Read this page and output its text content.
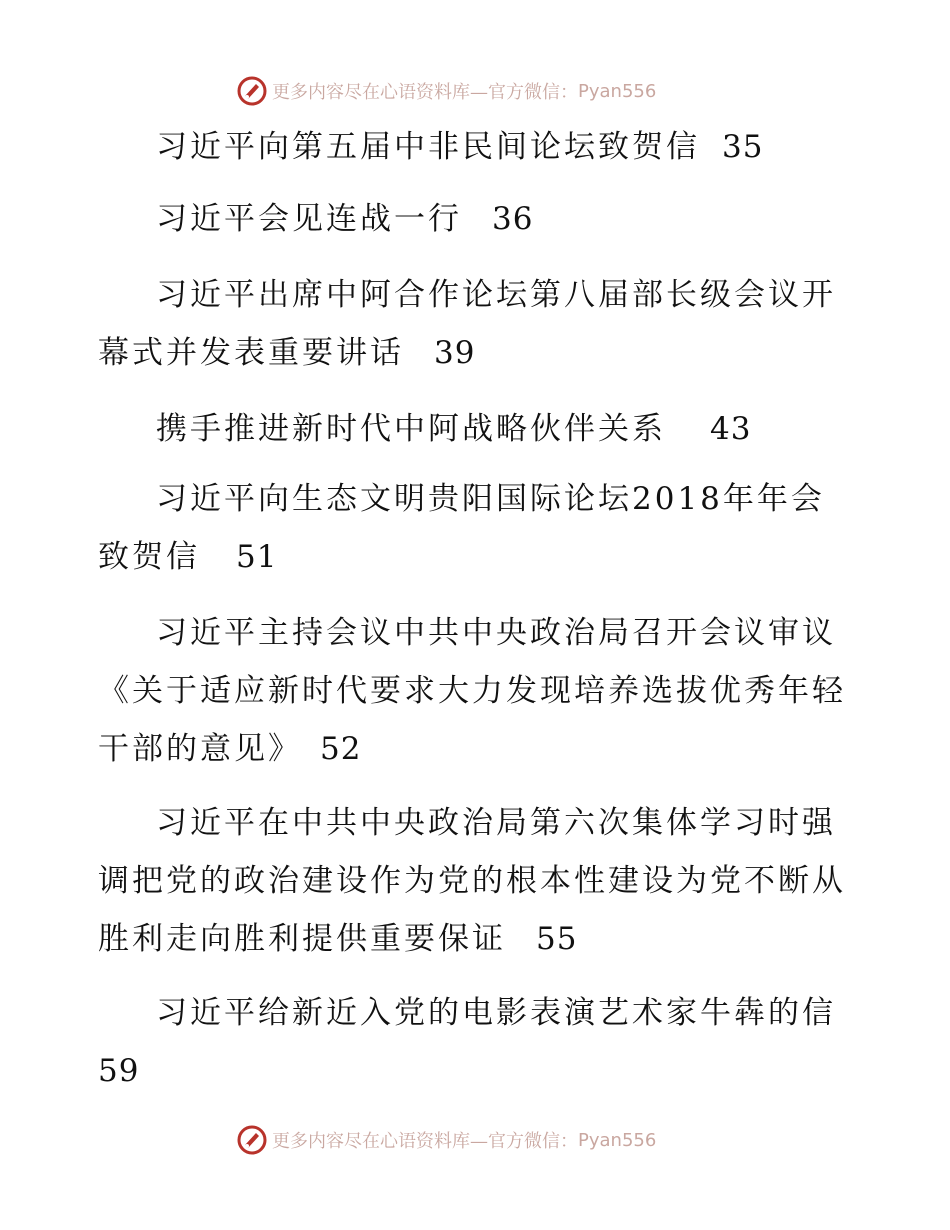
更多内容尽在心语资料库—官方微信： Pyan556
习近平向第五届中非民间论坛致贺信 35
习近平会见连战一行 36
习近平出席中阿合作论坛第八届部长级会议开幕式并发表重要讲话 39
携手推进新时代中阿战略伙伴关系 43
习近平向生态文明贵阳国际论坛2018年年会致贺信 51
习近平主持会议中共中央政治局召开会议审议《关于适应新时代要求大力发现培养选拔优秀年轻干部的意见》 52
习近平在中共中央政治局第六次集体学习时强调把党的政治建设作为党的根本性建设为党不断从胜利走向胜利提供重要保证 55
习近平给新近入党的电影表演艺术家牛犇的信
59
更多内容尽在心语资料库—官方微信： Pyan556
